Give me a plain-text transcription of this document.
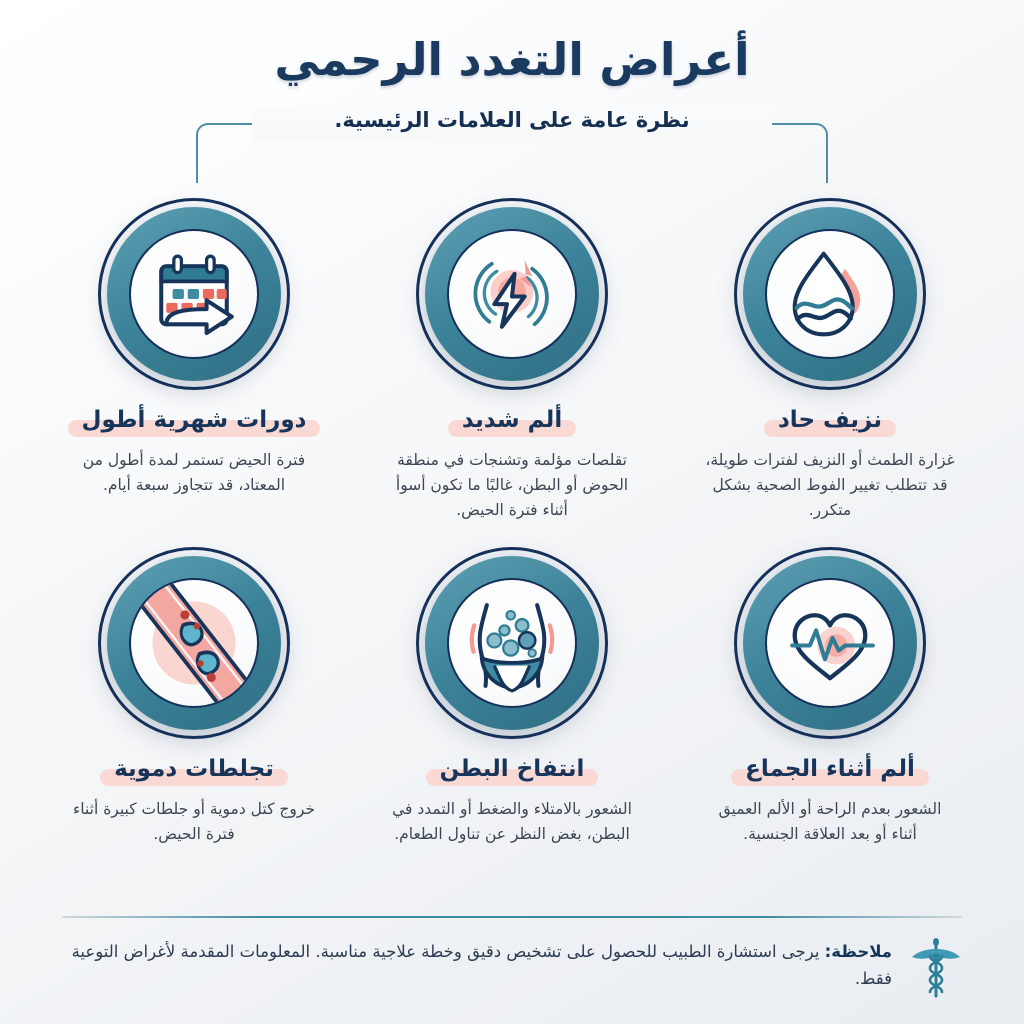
أعراض التغدد الرحمي
نظرة عامة على العلامات الرئيسية.
نزيف حاد
غزارة الطمث أو النزيف لفترات طويلة، قد تتطلب تغيير الفوط الصحية بشكل متكرر.
ألم شديد
تقلصات مؤلمة وتشنجات في منطقة الحوض أو البطن، غالبًا ما تكون أسوأ أثناء فترة الحيض.
دورات شهرية أطول
فترة الحيض تستمر لمدة أطول من المعتاد، قد تتجاوز سبعة أيام.
ألم أثناء الجماع
الشعور بعدم الراحة أو الألم العميق أثناء أو بعد العلاقة الجنسية.
انتفاخ البطن
الشعور بالامتلاء والضغط أو التمدد في البطن، بغض النظر عن تناول الطعام.
تجلطات دموية
خروج كتل دموية أو جلطات كبيرة أثناء فترة الحيض.
ملاحظة: يرجى استشارة الطبيب للحصول على تشخيص دقيق وخطة علاجية مناسبة. المعلومات المقدمة لأغراض التوعية فقط.
